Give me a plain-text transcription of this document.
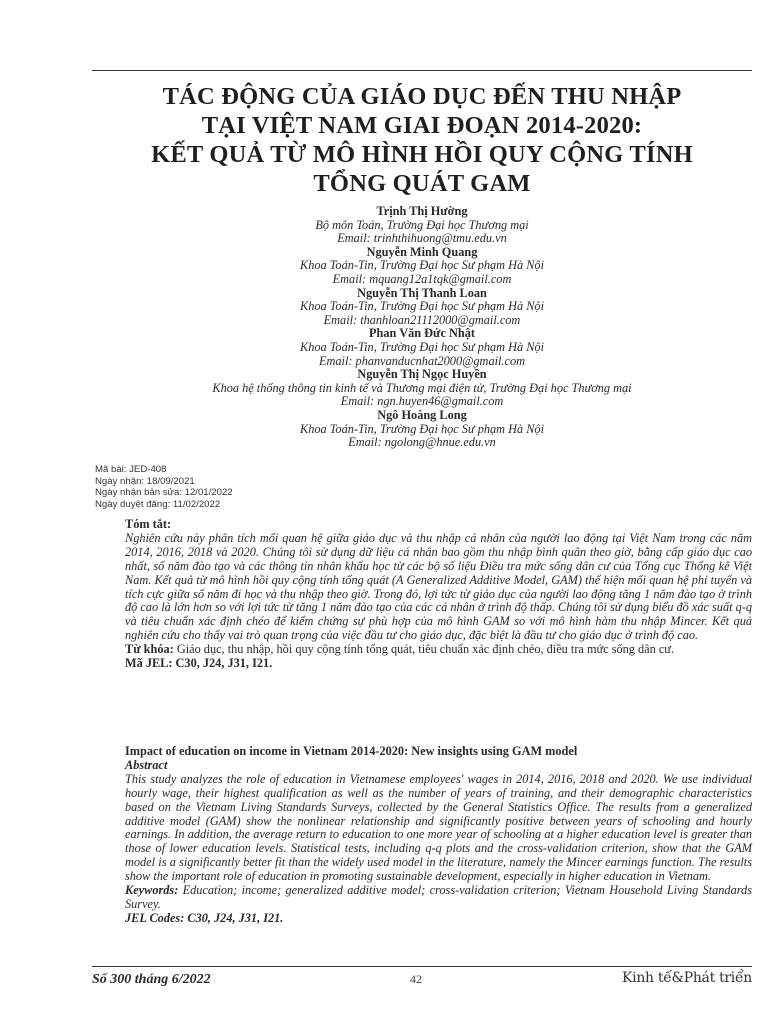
TÁC ĐỘNG CỦA GIÁO DỤC ĐẾN THU NHẬP
TẠI VIỆT NAM GIAI ĐOẠN 2014-2020:
KẾT QUẢ TỪ MÔ HÌNH HỒI QUY CỘNG TÍNH
TỔNG QUÁT GAM
Trịnh Thị Hường
Bộ môn Toán, Trường Đại học Thương mại
Email: trinhthihuong@tmu.edu.vn
Nguyễn Minh Quang
Khoa Toán-Tin, Trường Đại học Sư phạm Hà Nội
Email: mquang12a1tqk@gmail.com
Nguyễn Thị Thanh Loan
Khoa Toán-Tin, Trường Đại học Sư phạm Hà Nội
Email: thanhloan21112000@gmail.com
Phan Văn Đức Nhật
Khoa Toán-Tin, Trường Đại học Sư phạm Hà Nội
Email: phanvanducnhat2000@gmail.com
Nguyễn Thị Ngọc Huyền
Khoa hệ thống thông tin kinh tế và Thương mại điện tử, Trường Đại học Thương mại
Email: ngn.huyen46@gmail.com
Ngô Hoàng Long
Khoa Toán-Tin, Trường Đại học Sư phạm Hà Nội
Email: ngolong@hnue.edu.vn
Mã bài: JED-408
Ngày nhận: 18/09/2021
Ngày nhận bản sửa: 12/01/2022
Ngày duyệt đăng: 11/02/2022
Tóm tắt:
Nghiên cứu này phân tích mối quan hệ giữa giáo dục và thu nhập cá nhân của người lao động tại Việt Nam trong các năm 2014, 2016, 2018 và 2020. Chúng tôi sử dụng dữ liệu cá nhân bao gồm thu nhập bình quân theo giờ, bằng cấp giáo dục cao nhất, số năm đào tạo và các thông tin nhân khẩu học từ các bộ số liệu Điều tra mức sống dân cư của Tổng cục Thống kê Việt Nam. Kết quả từ mô hình hồi quy cộng tính tổng quát (A Generalized Additive Model, GAM) thể hiện mối quan hệ phi tuyến và tích cực giữa số năm đi học và thu nhập theo giờ. Trong đó, lợi tức từ giáo dục của người lao động tăng 1 năm đào tạo ở trình độ cao là lớn hơn so với lợi tức từ tăng 1 năm đào tạo của các cá nhân ở trình độ thấp. Chúng tôi sử dụng biểu đồ xác suất q-q và tiêu chuẩn xác định chéo để kiểm chứng sự phù hợp của mô hình GAM so với mô hình hàm thu nhập Mincer. Kết quả nghiên cứu cho thấy vai trò quan trọng của việc đầu tư cho giáo dục, đặc biệt là đầu tư cho giáo dục ở trình độ cao.
Từ khóa: Giáo dục, thu nhập, hồi quy cộng tính tổng quát, tiêu chuẩn xác định chéo, điều tra mức sống dân cư.
Mã JEL: C30, J24, J31, I21.
Impact of education on income in Vietnam 2014-2020: New insights using GAM model
Abstract
This study analyzes the role of education in Vietnamese employees' wages in 2014, 2016, 2018 and 2020. We use individual hourly wage, their highest qualification as well as the number of years of training, and their demographic characteristics based on the Vietnam Living Standards Surveys, collected by the General Statistics Office. The results from a generalized additive model (GAM) show the nonlinear relationship and significantly positive between years of schooling and hourly earnings. In addition, the average return to education to one more year of schooling at a higher education level is greater than those of lower education levels. Statistical tests, including q-q plots and the cross-validation criterion, show that the GAM model is a significantly better fit than the widely used model in the literature, namely the Mincer earnings function. The results show the important role of education in promoting sustainable development, especially in higher education in Vietnam.
Keywords: Education; income; generalized additive model; cross-validation criterion; Vietnam Household Living Standards Survey.
JEL Codes: C30, J24, J31, I21.
Số 300 tháng 6/2022	42	Kinh tế&Phát triển
